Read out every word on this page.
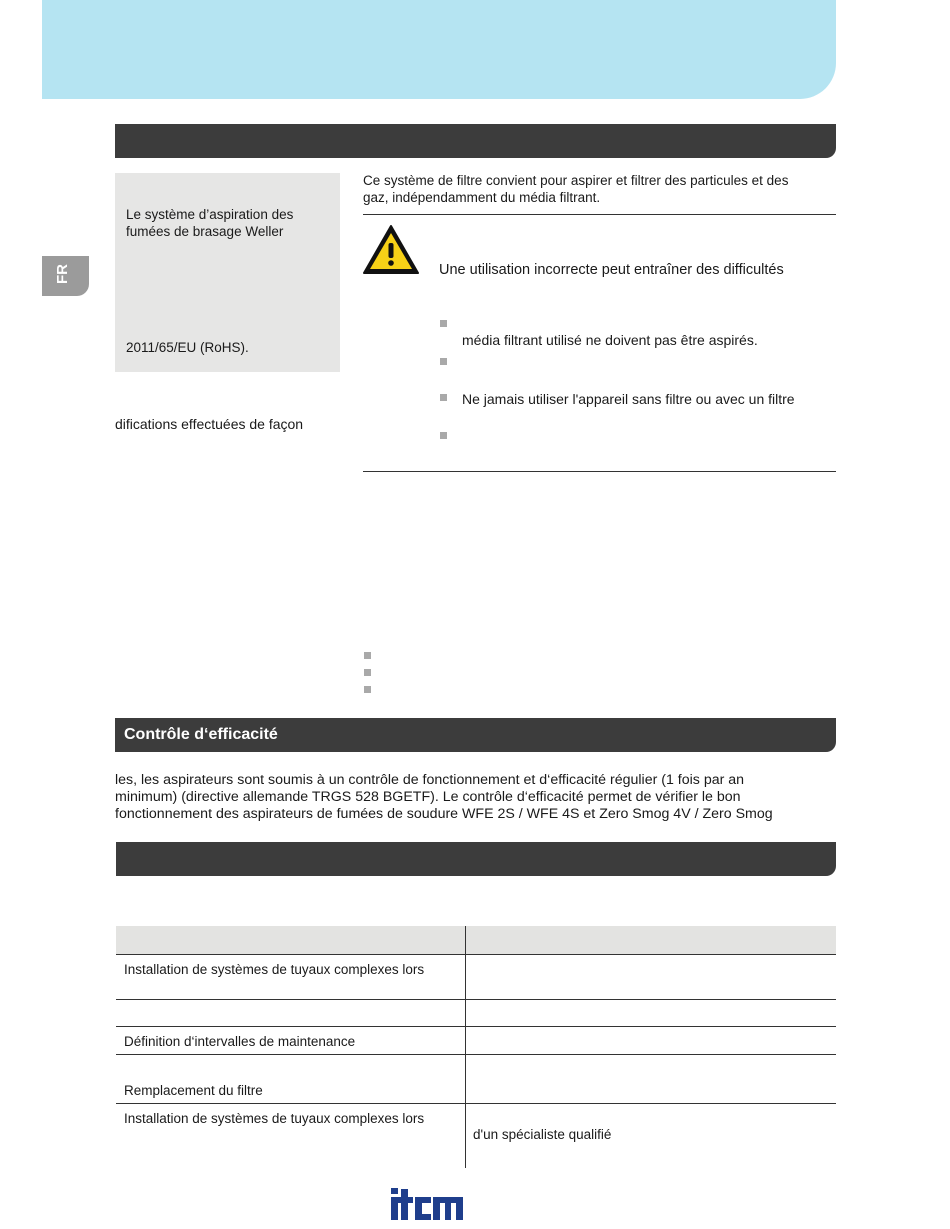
FR
Le système d’aspiration des
fumées de brasage Weller
2011/65/EU (RoHS).
difications effectuées de façon
Ce système de filtre convient pour aspirer et filtrer des particules et des
gaz, indépendamment du média filtrant.
Une utilisation incorrecte peut entraîner des difficultés
média filtrant utilisé ne doivent pas être aspirés.
Ne jamais utiliser l'appareil sans filtre ou avec un filtre
Contrôle d‘efficacité
les, les aspirateurs sont soumis à un contrôle de fonctionnement et d‘efficacité régulier (1 fois par an
minimum) (directive allemande TRGS 528 BGETF). Le contrôle d‘efficacité permet de vérifier le bon
fonctionnement des aspirateurs de fumées de soudure WFE 2S / WFE 4S et Zero Smog 4V / Zero Smog
Installation de systèmes de tuyaux complexes lors
Définition d‘intervalles de maintenance
Remplacement du filtre
Installation de systèmes de tuyaux complexes lors
d'un spécialiste qualifié
